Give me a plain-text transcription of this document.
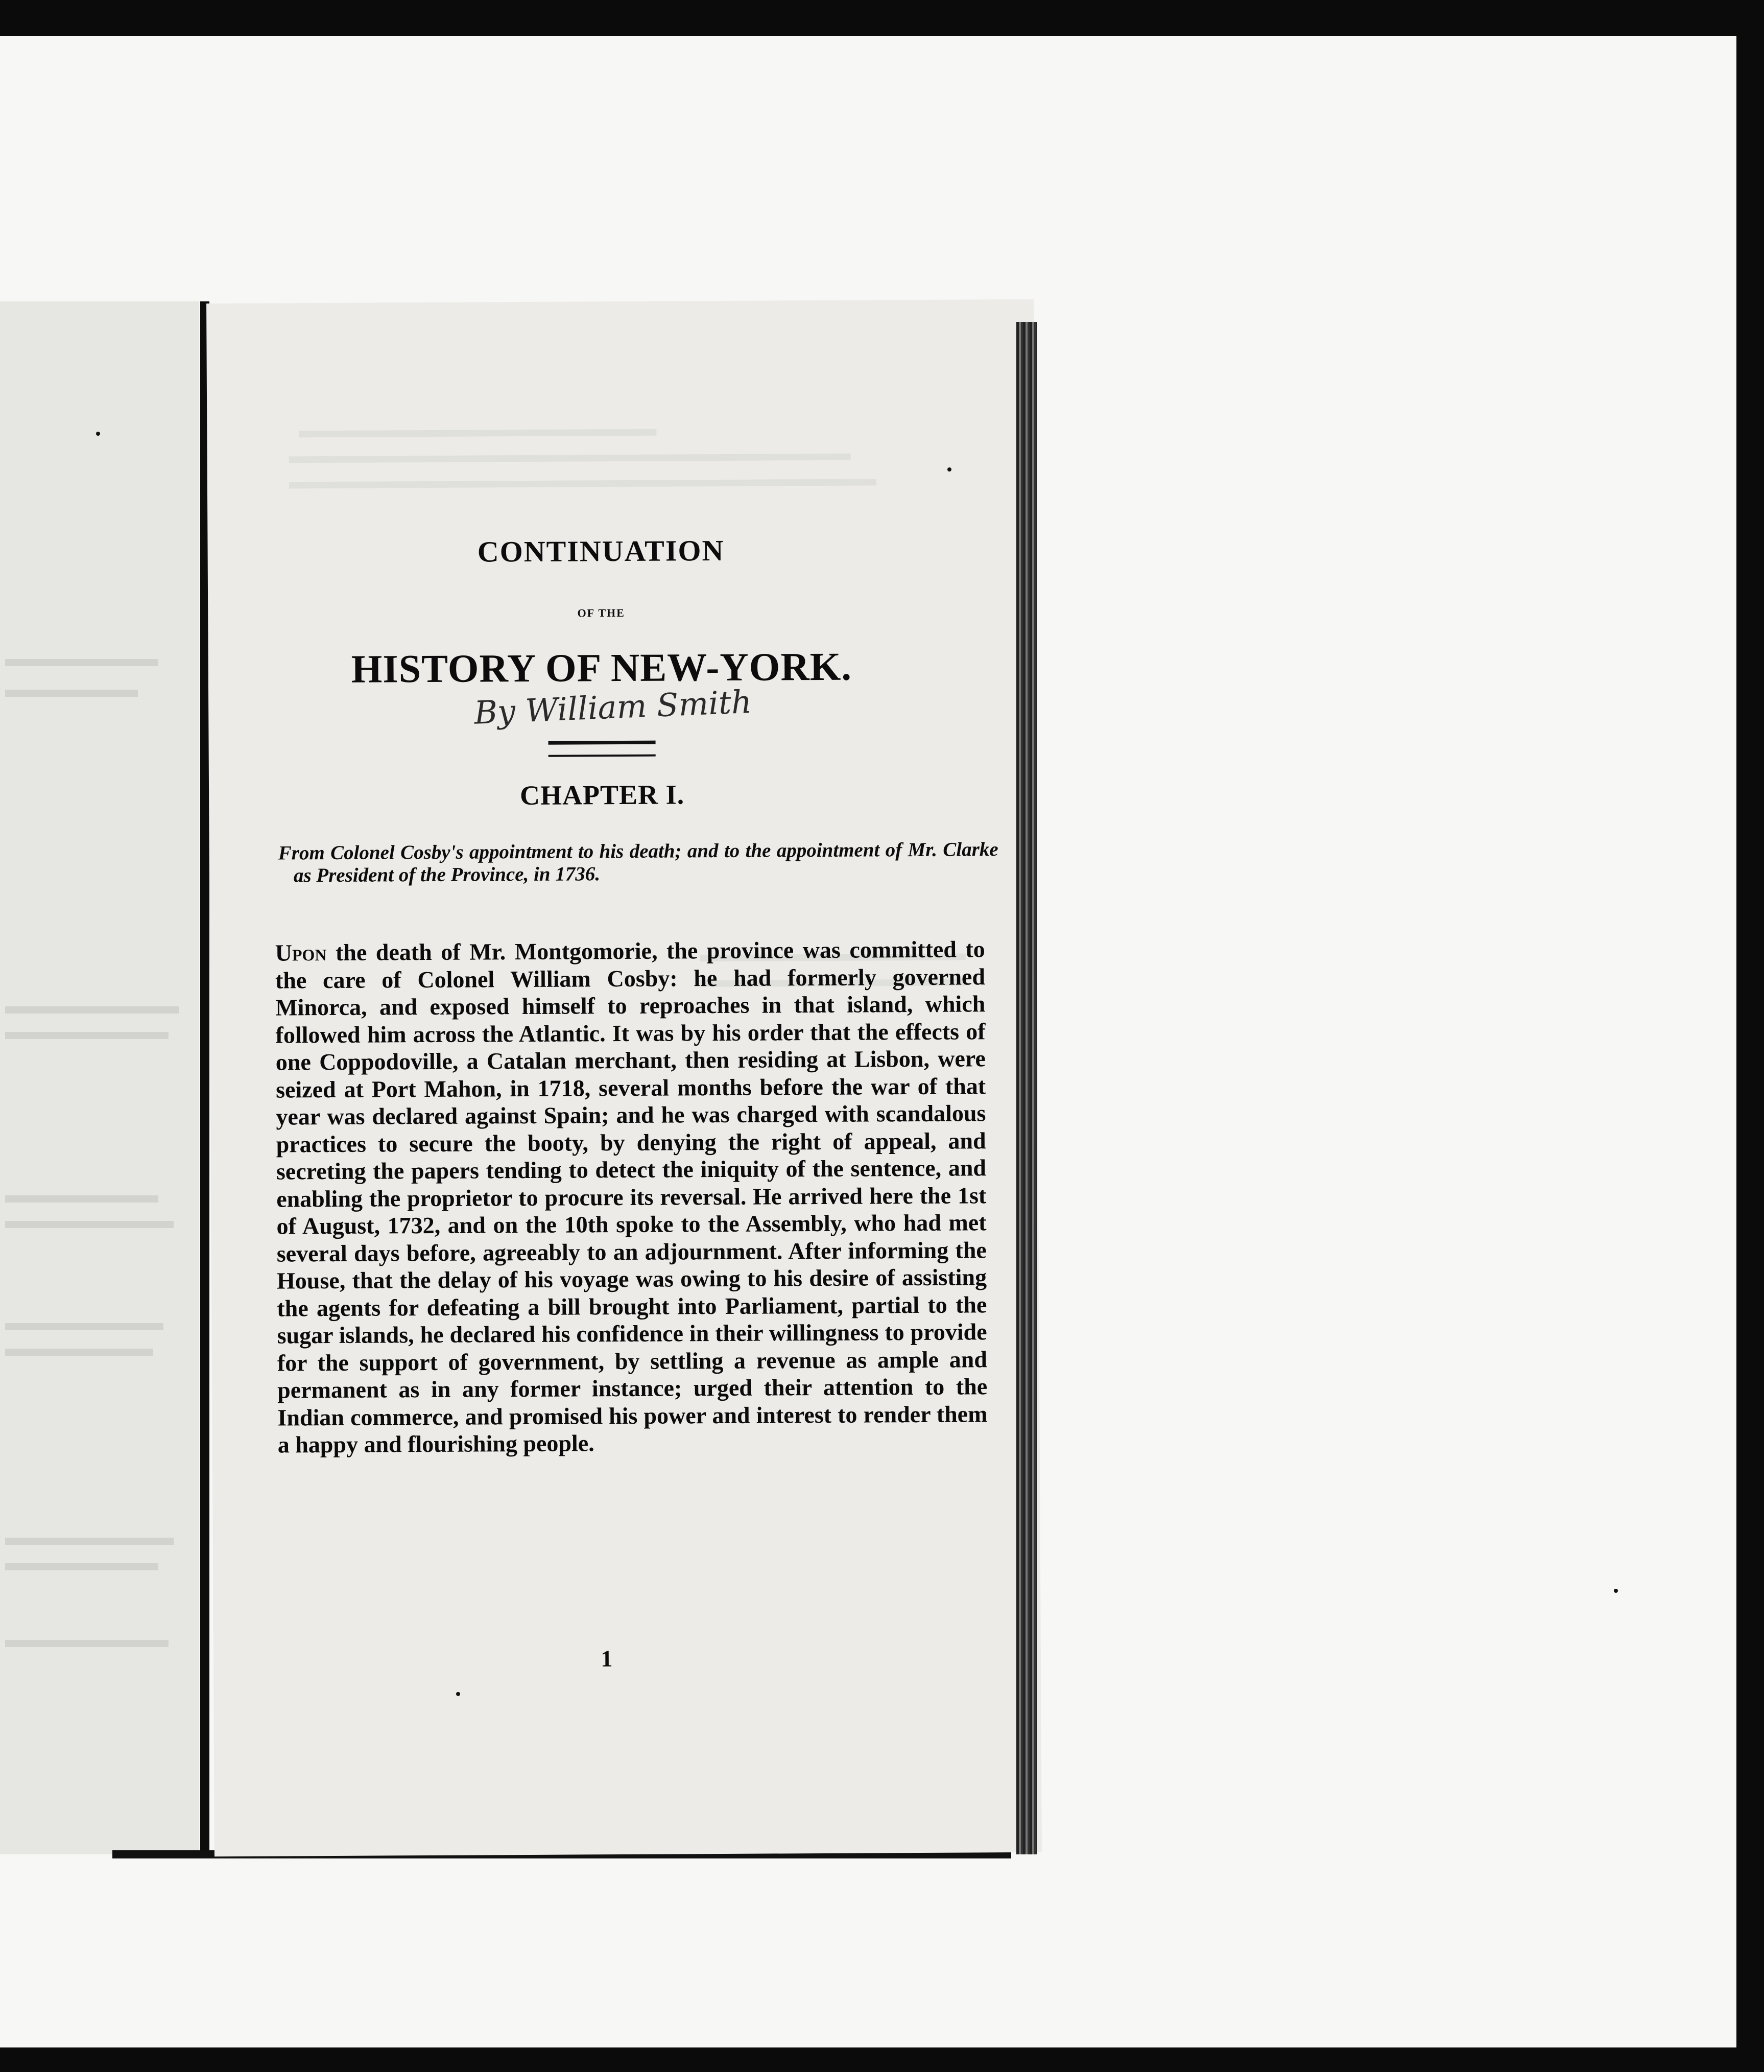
CONTINUATION
OF THE
HISTORY OF NEW-YORK.
By William Smith
CHAPTER I.
From Colonel Cosby's appointment to his death; and to the appointment of Mr. Clarke as President of the Province, in 1736.
Upon the death of Mr. Montgomorie, the province was committed to the care of Colonel William Cosby: he had formerly governed Minorca, and exposed himself to reproaches in that island, which followed him across the Atlantic. It was by his order that the effects of one Coppodoville, a Catalan merchant, then residing at Lisbon, were seized at Port Mahon, in 1718, several months before the war of that year was declared against Spain; and he was charged with scandalous practices to secure the booty, by denying the right of appeal, and secreting the papers tending to detect the iniquity of the sentence, and enabling the proprietor to procure its reversal. He arrived here the 1st of August, 1732, and on the 10th spoke to the Assembly, who had met several days before, agreeably to an adjournment. After informing the House, that the delay of his voyage was owing to his desire of assisting the agents for defeating a bill brought into Parliament, partial to the sugar islands, he declared his confidence in their willingness to provide for the support of government, by settling a revenue as ample and permanent as in any former instance; urged their attention to the Indian commerce, and promised his power and interest to render them a happy and flourishing people.
1
